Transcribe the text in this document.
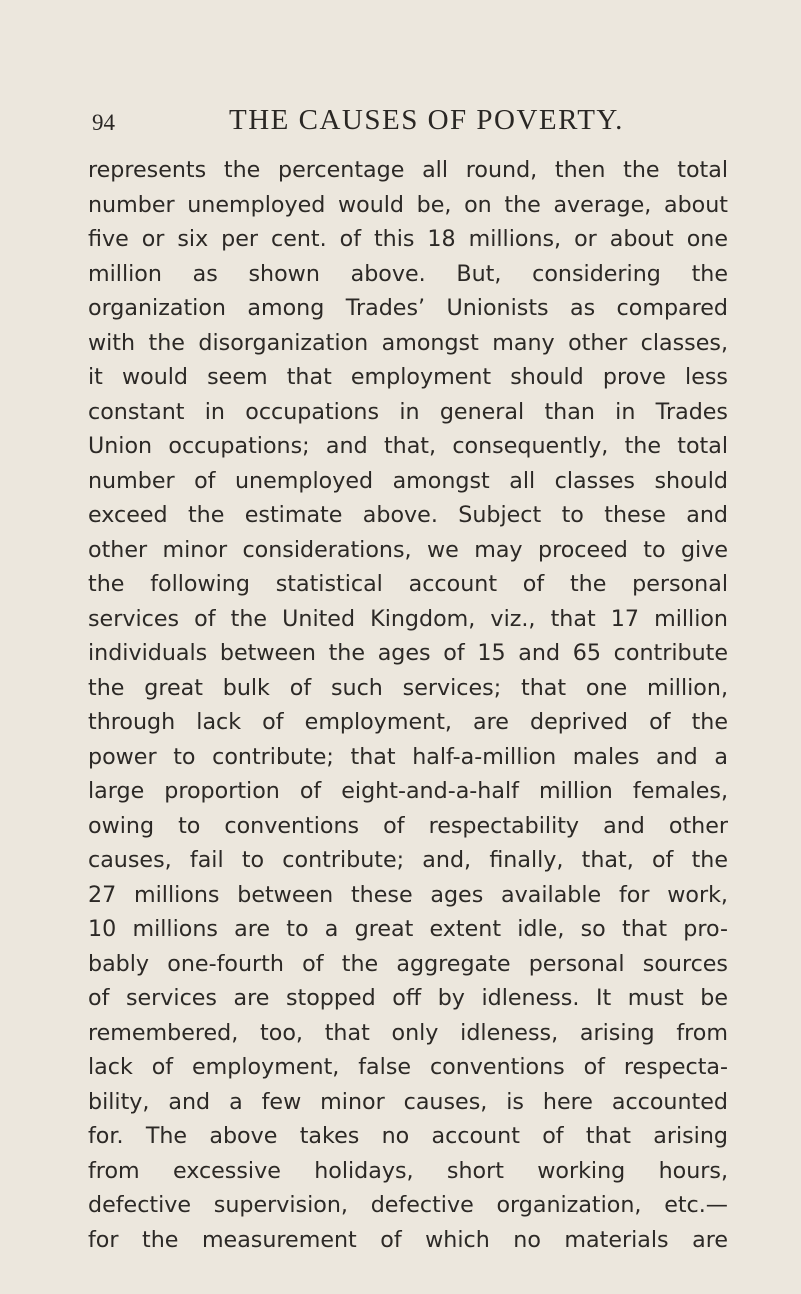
94	THE CAUSES OF POVERTY.
represents the percentage all round, then the total
number unemployed would be, on the average, about
five or six per cent. of this 18 millions, or about one
million as shown above. But, considering the
organization among Trades’ Unionists as compared
with the disorganization amongst many other classes,
it would seem that employment should prove less
constant in occupations in general than in Trades
Union occupations; and that, consequently, the total
number of unemployed amongst all classes should
exceed the estimate above. Subject to these and
other minor considerations, we may proceed to give
the following statistical account of the personal
services of the United Kingdom, viz., that 17 million
individuals between the ages of 15 and 65 contribute
the great bulk of such services; that one million,
through lack of employment, are deprived of the
power to contribute; that half-a-million males and a
large proportion of eight-and-a-half million females,
owing to conventions of respectability and other
causes, fail to contribute; and, finally, that, of the
27 millions between these ages available for work,
10 millions are to a great extent idle, so that pro-
bably one-fourth of the aggregate personal sources
of services are stopped off by idleness. It must be
remembered, too, that only idleness, arising from
lack of employment, false conventions of respecta-
bility, and a few minor causes, is here accounted
for. The above takes no account of that arising
from excessive holidays, short working hours,
defective supervision, defective organization, etc.—
for the measurement of which no materials are
